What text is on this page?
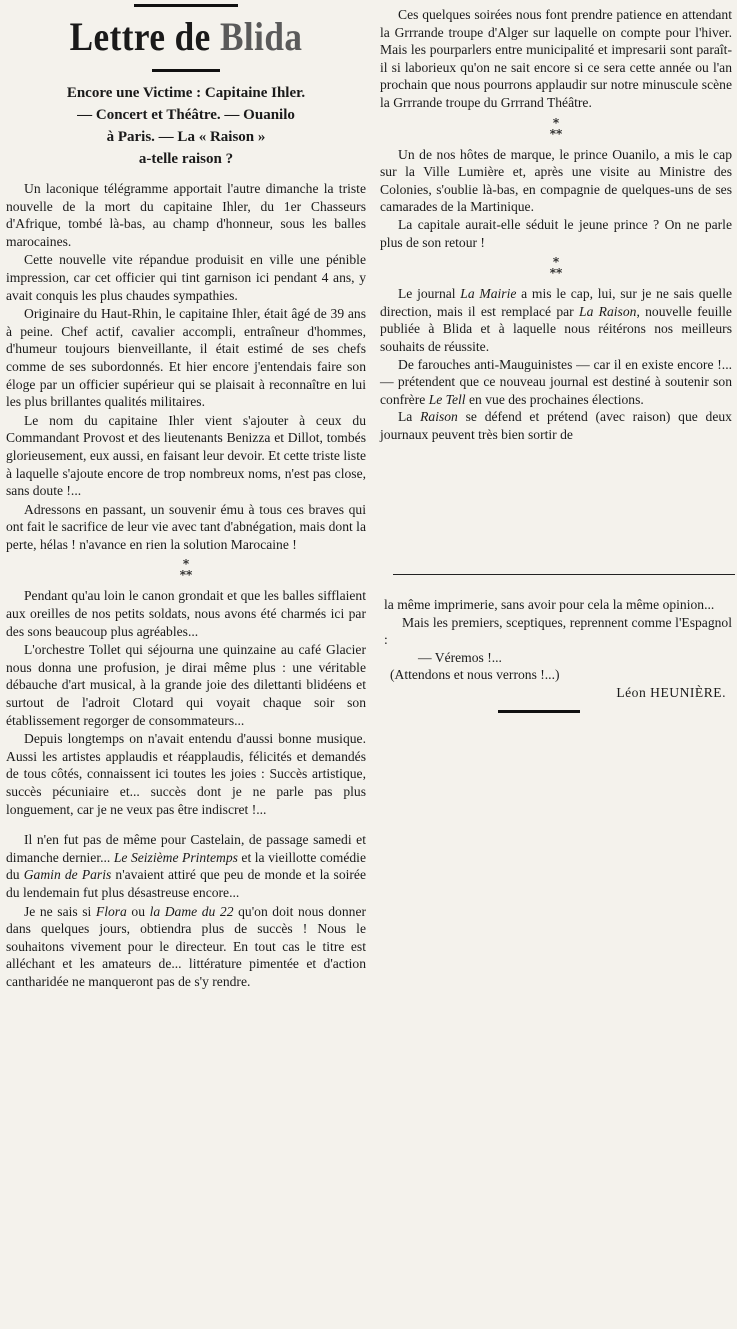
Lettre de Blida
Encore une Victime : Capitaine Ihler.
— Concert et Théâtre. — Ouanilo
à Paris. — La « Raison »
a-telle raison ?

Un laconique télégramme apportait l'autre dimanche la triste nouvelle de la mort du capitaine Ihler, du 1er Chasseurs d'Afrique, tombé là-bas, au champ d'honneur, sous les balles marocaines.

Cette nouvelle vite répandue produisit en ville une pénible impression, car cet officier qui tint garnison ici pendant 4 ans, y avait conquis les plus chaudes sympathies.

Originaire du Haut-Rhin, le capitaine Ihler, était âgé de 39 ans à peine. Chef actif, cavalier accompli, entraîneur d'hommes, d'humeur toujours bienveillante, il était estimé de ses chefs comme de ses subordonnés. Et hier encore j'entendais faire son éloge par un officier supérieur qui se plaisait à reconnaître en lui les plus brillantes qualités militaires.

Le nom du capitaine Ihler vient s'ajouter à ceux du Commandant Provost et des lieutenants Benizza et Dillot, tombés glorieusement, eux aussi, en faisant leur devoir. Et cette triste liste à laquelle s'ajoute encore de trop nombreux noms, n'est pas close, sans doute !...

Adressons en passant, un souvenir ému à tous ces braves qui ont fait le sacrifice de leur vie avec tant d'abnégation, mais dont la perte, hélas ! n'avance en rien la solution Marocaine !

*
**

Pendant qu'au loin le canon grondait et que les balles sifflaient aux oreilles de nos petits soldats, nous avons été charmés ici par des sons beaucoup plus agréables...

L'orchestre Tollet qui séjourna une quinzaine au café Glacier nous donna une profusion, je dirai même plus : une véritable débauche d'art musical, à la grande joie des dilettanti blidéens et surtout de l'adroit Clotard qui voyait chaque soir son établissement regorger de consommateurs...

Depuis longtemps on n'avait entendu d'aussi bonne musique. Aussi les artistes applaudis et réapplaudis, félicités et demandés de tous côtés, connaissent ici toutes les joies : Succès artistique, succès pécuniaire et... succès dont je ne parle pas plus longuement, car je ne veux pas être indiscret !...

Il n'en fut pas de même pour Castelain, de passage samedi et dimanche dernier... Le Seizième Printemps et la vieillotte comédie du Gamin de Paris n'avaient attiré que peu de monde et la soirée du lendemain fut plus désastreuse encore...

Je ne sais si Flora ou la Dame du 22 qu'on doit nous donner dans quelques jours, obtiendra plus de succès ! Nous le souhaitons vivement pour le directeur. En tout cas le titre est alléchant et les amateurs de... littérature pimentée et d'action cantharidée ne manqueront pas de s'y rendre.

Ces quelques soirées nous font prendre patience en attendant la Grrrande troupe d'Alger sur laquelle on compte pour l'hiver. Mais les pourparlers entre municipalité et impresarii sont paraît-il si laborieux qu'on ne sait encore si ce sera cette année ou l'an prochain que nous pourrons applaudir sur notre minuscule scène la Grrrande troupe du Grrrand Théâtre.

*
**

Un de nos hôtes de marque, le prince Ouanilo, a mis le cap sur la Ville Lumière et, après une visite au Ministre des Colonies, s'oublie là-bas, en compagnie de quelques-uns de ses camarades de la Martinique.

La capitale aurait-elle séduit le jeune prince ? On ne parle plus de son retour !

*
**

Le journal La Mairie a mis le cap, lui, sur je ne sais quelle direction, mais il est remplacé par La Raison, nouvelle feuille publiée à Blida et à laquelle nous réitérons nos meilleurs souhaits de réussite.

De farouches anti-Mauguinistes — car il en existe encore !... — prétendent que ce nouveau journal est destiné à soutenir son confrère Le Tell en vue des prochaines élections.

La Raison se défend et prétend (avec raison) que deux journaux peuvent très bien sortir de

la même imprimerie, sans avoir pour cela la même opinion...

Mais les premiers, sceptiques, reprennent comme l'Espagnol :

— Véremos !...
(Attendons et nous verrons !...)
Léon HEUNIÈRE.
